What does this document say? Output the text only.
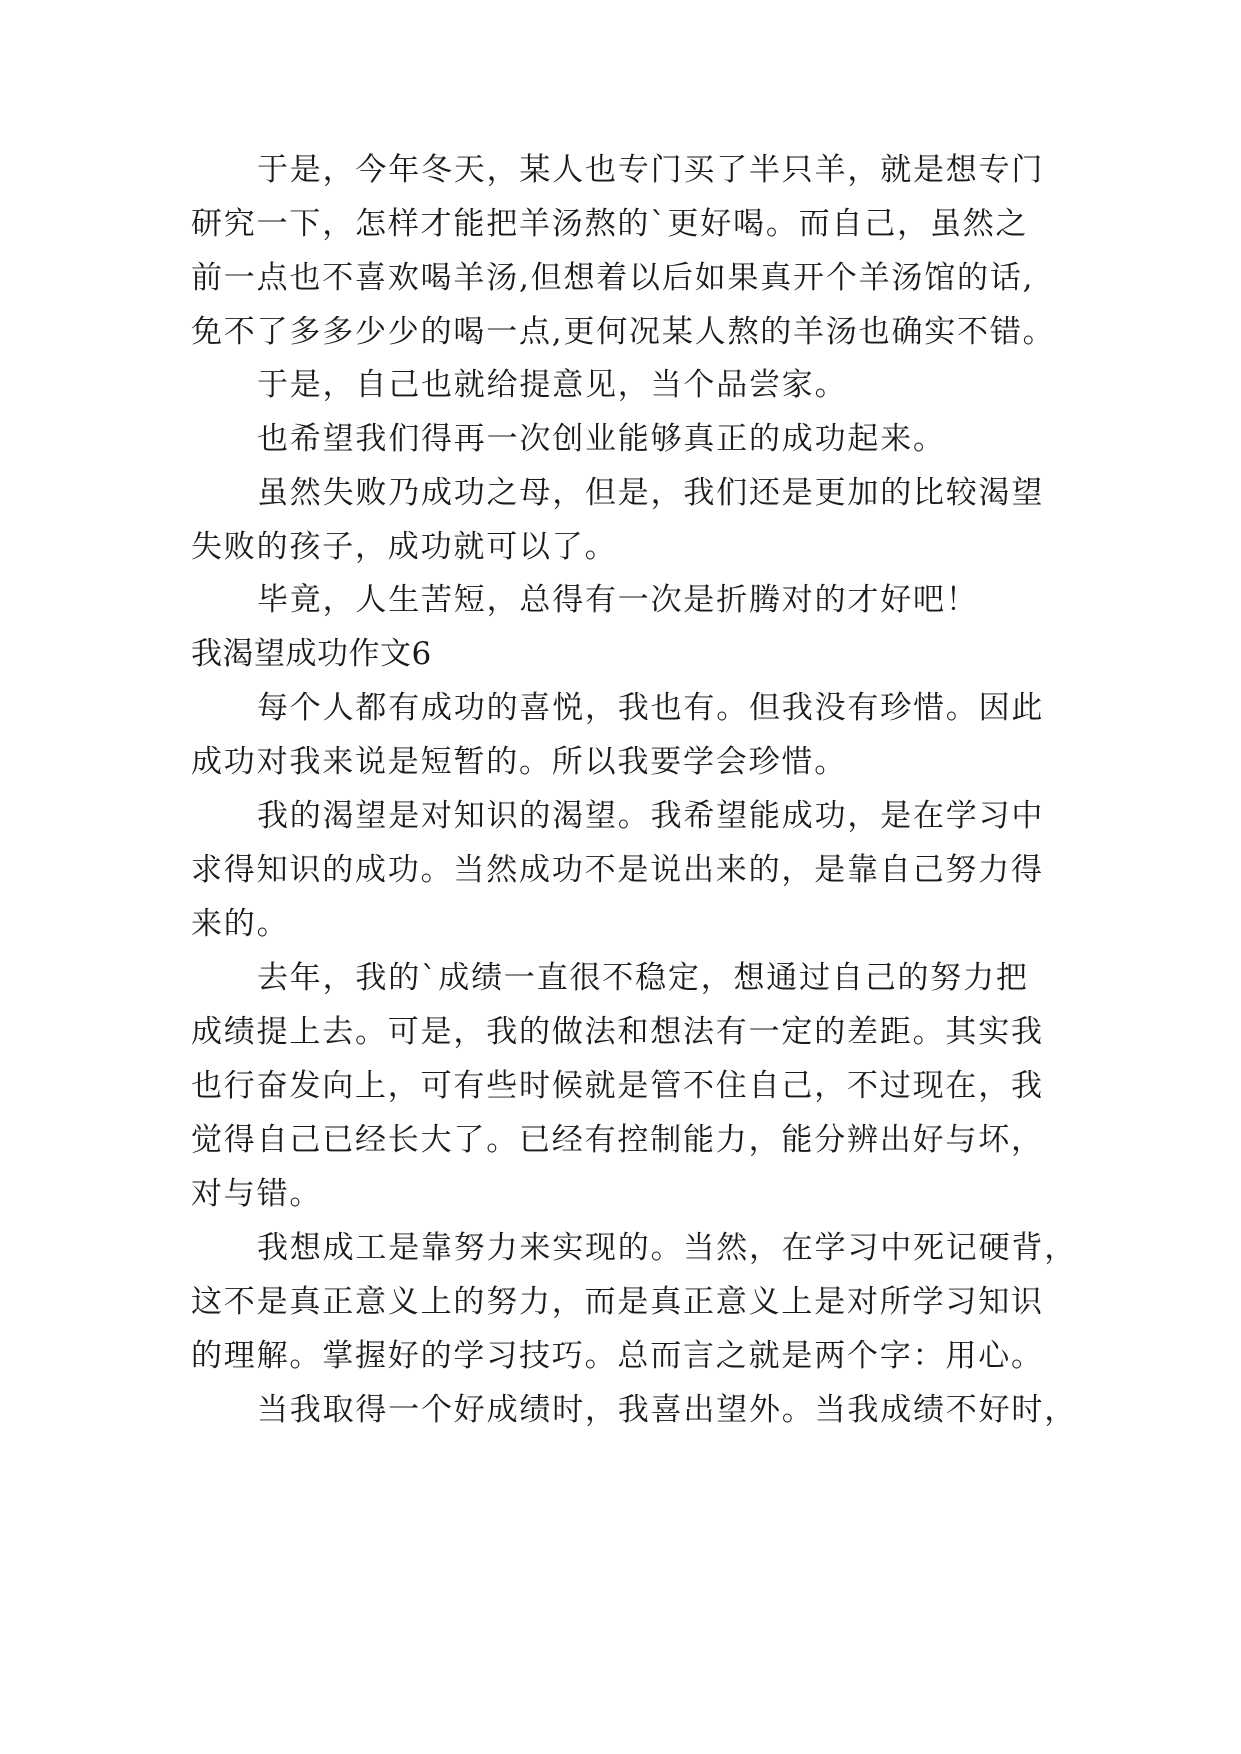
于是，今年冬天，某人也专门买了半只羊，就是想专门
研究一下，怎样才能把羊汤熬的`更好喝。而自己，虽然之
前一点也不喜欢喝羊汤,但想着以后如果真开个羊汤馆的话,
免不了多多少少的喝一点,更何况某人熬的羊汤也确实不错。
于是，自己也就给提意见，当个品尝家。
也希望我们得再一次创业能够真正的成功起来。
虽然失败乃成功之母，但是，我们还是更加的比较渴望
失败的孩子，成功就可以了。
毕竟，人生苦短，总得有一次是折腾对的才好吧！
我渴望成功作文6
每个人都有成功的喜悦，我也有。但我没有珍惜。因此
成功对我来说是短暂的。所以我要学会珍惜。
我的渴望是对知识的渴望。我希望能成功，是在学习中
求得知识的成功。当然成功不是说出来的，是靠自己努力得
来的。
去年，我的`成绩一直很不稳定，想通过自己的努力把
成绩提上去。可是，我的做法和想法有一定的差距。其实我
也行奋发向上，可有些时候就是管不住自己，不过现在，我
觉得自己已经长大了。已经有控制能力，能分辨出好与坏，
对与错。
我想成工是靠努力来实现的。当然，在学习中死记硬背，
这不是真正意义上的努力，而是真正意义上是对所学习知识
的理解。掌握好的学习技巧。总而言之就是两个字：用心。
当我取得一个好成绩时，我喜出望外。当我成绩不好时，
